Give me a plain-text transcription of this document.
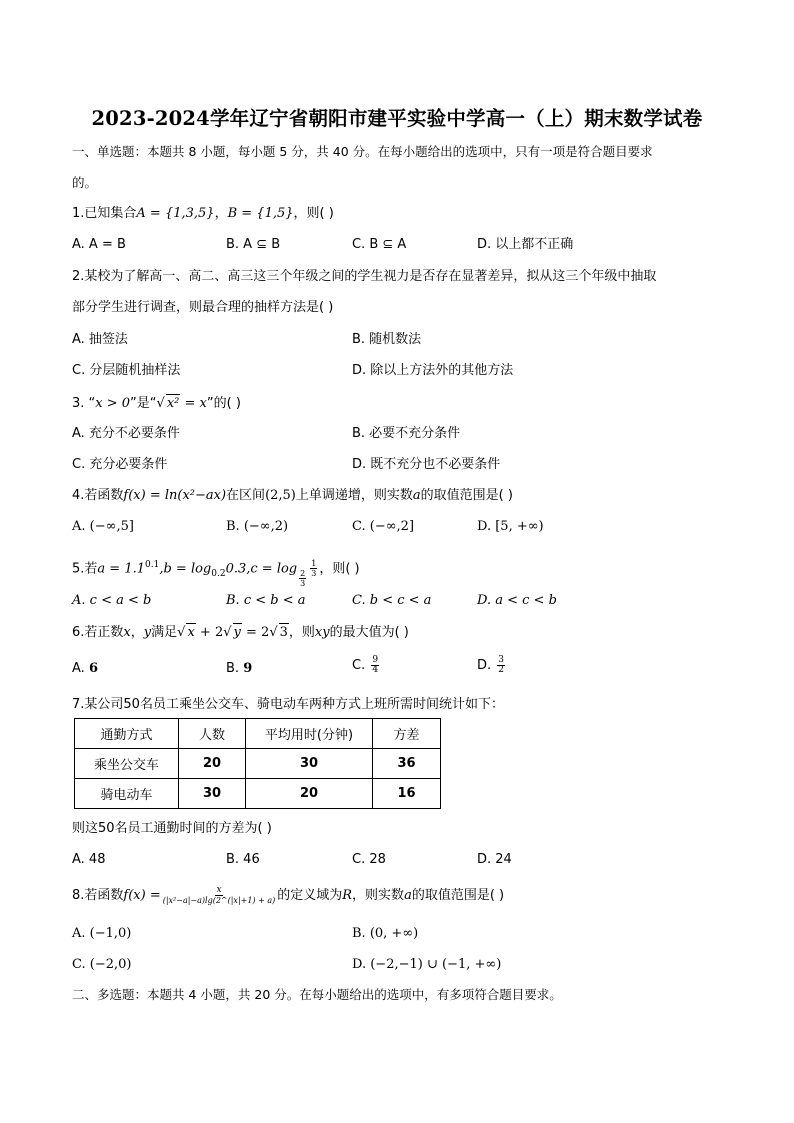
2023-2024学年辽宁省朝阳市建平实验中学高一（上）期末数学试卷
一、单选题：本题共 8 小题，每小题 5 分，共 40 分。在每小题给出的选项中，只有一项是符合题目要求
的。
1.已知集合A = {1,3,5}，B = {1,5}，则( )
A. A = B	B. A ⊆ B	C. B ⊆ A	D. 以上都不正确
2.某校为了解高一、高二、高三这三个年级之间的学生视力是否存在显著差异，拟从这三个年级中抽取
部分学生进行调查，则最合理的抽样方法是( )
A. 抽签法	B. 随机数法
C. 分层随机抽样法	D. 除以上方法外的其他方法
3. “x > 0”是“√ x² = x”的( )
A. 充分不必要条件	B. 必要不充分条件
C. 充分必要条件	D. 既不充分也不必要条件
4.若函数f(x) = ln(x²−ax)在区间(2,5)上单调递增，则实数a的取值范围是( )
A. (−∞,5]	B. (−∞,2)	C. (−∞,2]	D. [5, +∞)
5.若$a = 1.1^{0.1},b = \log_{0.2}0.3,c = \log$
$\frac{2}{3}$
$\frac{1}{3}$ ，则( )
A. c < a < b	B. c < b < a	C. b < c < a	D. a < c < b
6.若正数x，y满足√ x + 2√ y = 2√ 3，则xy的最大值为( )
A. 6	B. 9	C. $\frac{9}{4}$	D. $\frac{3}{2}$
7.某公司50名员工乘坐公交车、骑电动车两种方式上班所需时间统计如下：
通勤方式	人数	平均用时(分钟)	方差
乘坐公交车	20	30	36
骑电动车	30	20	16
则这50名员工通勤时间的方差为( )
A. 48	B. 46	C. 28	D. 24
8.若函数$f(x) = \frac{x}{\text{(|x²−a|−a)lg(2\textasciicircum{}(|x|+1) + a)}}$ 的定义域为R，则实数a的取值范围是( )
A. (−1,0)	B. (0, +∞)
C. (−2,0)	D. (−2,−1) ∪ (−1, +∞)
二、多选题：本题共 4 小题，共 20 分。在每小题给出的选项中，有多项符合题目要求。
